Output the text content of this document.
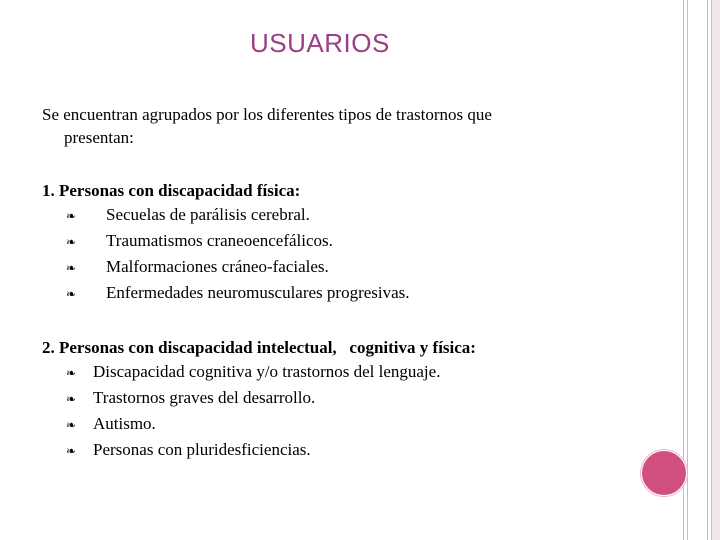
USUARIOS
Se encuentran agrupados por los diferentes tipos de trastornos que
presentan:
1. Personas con discapacidad física:
❧ Secuelas de parálisis cerebral.
❧ Traumatismos craneoencefálicos.
❧ Malformaciones cráneo-faciales.
❧ Enfermedades neuromusculares progresivas.
2. Personas con discapacidad intelectual,   cognitiva y física:
❧ Discapacidad cognitiva y/o trastornos del lenguaje.
❧ Trastornos graves del desarrollo.
❧ Autismo.
❧ Personas con pluridesficiencias.
